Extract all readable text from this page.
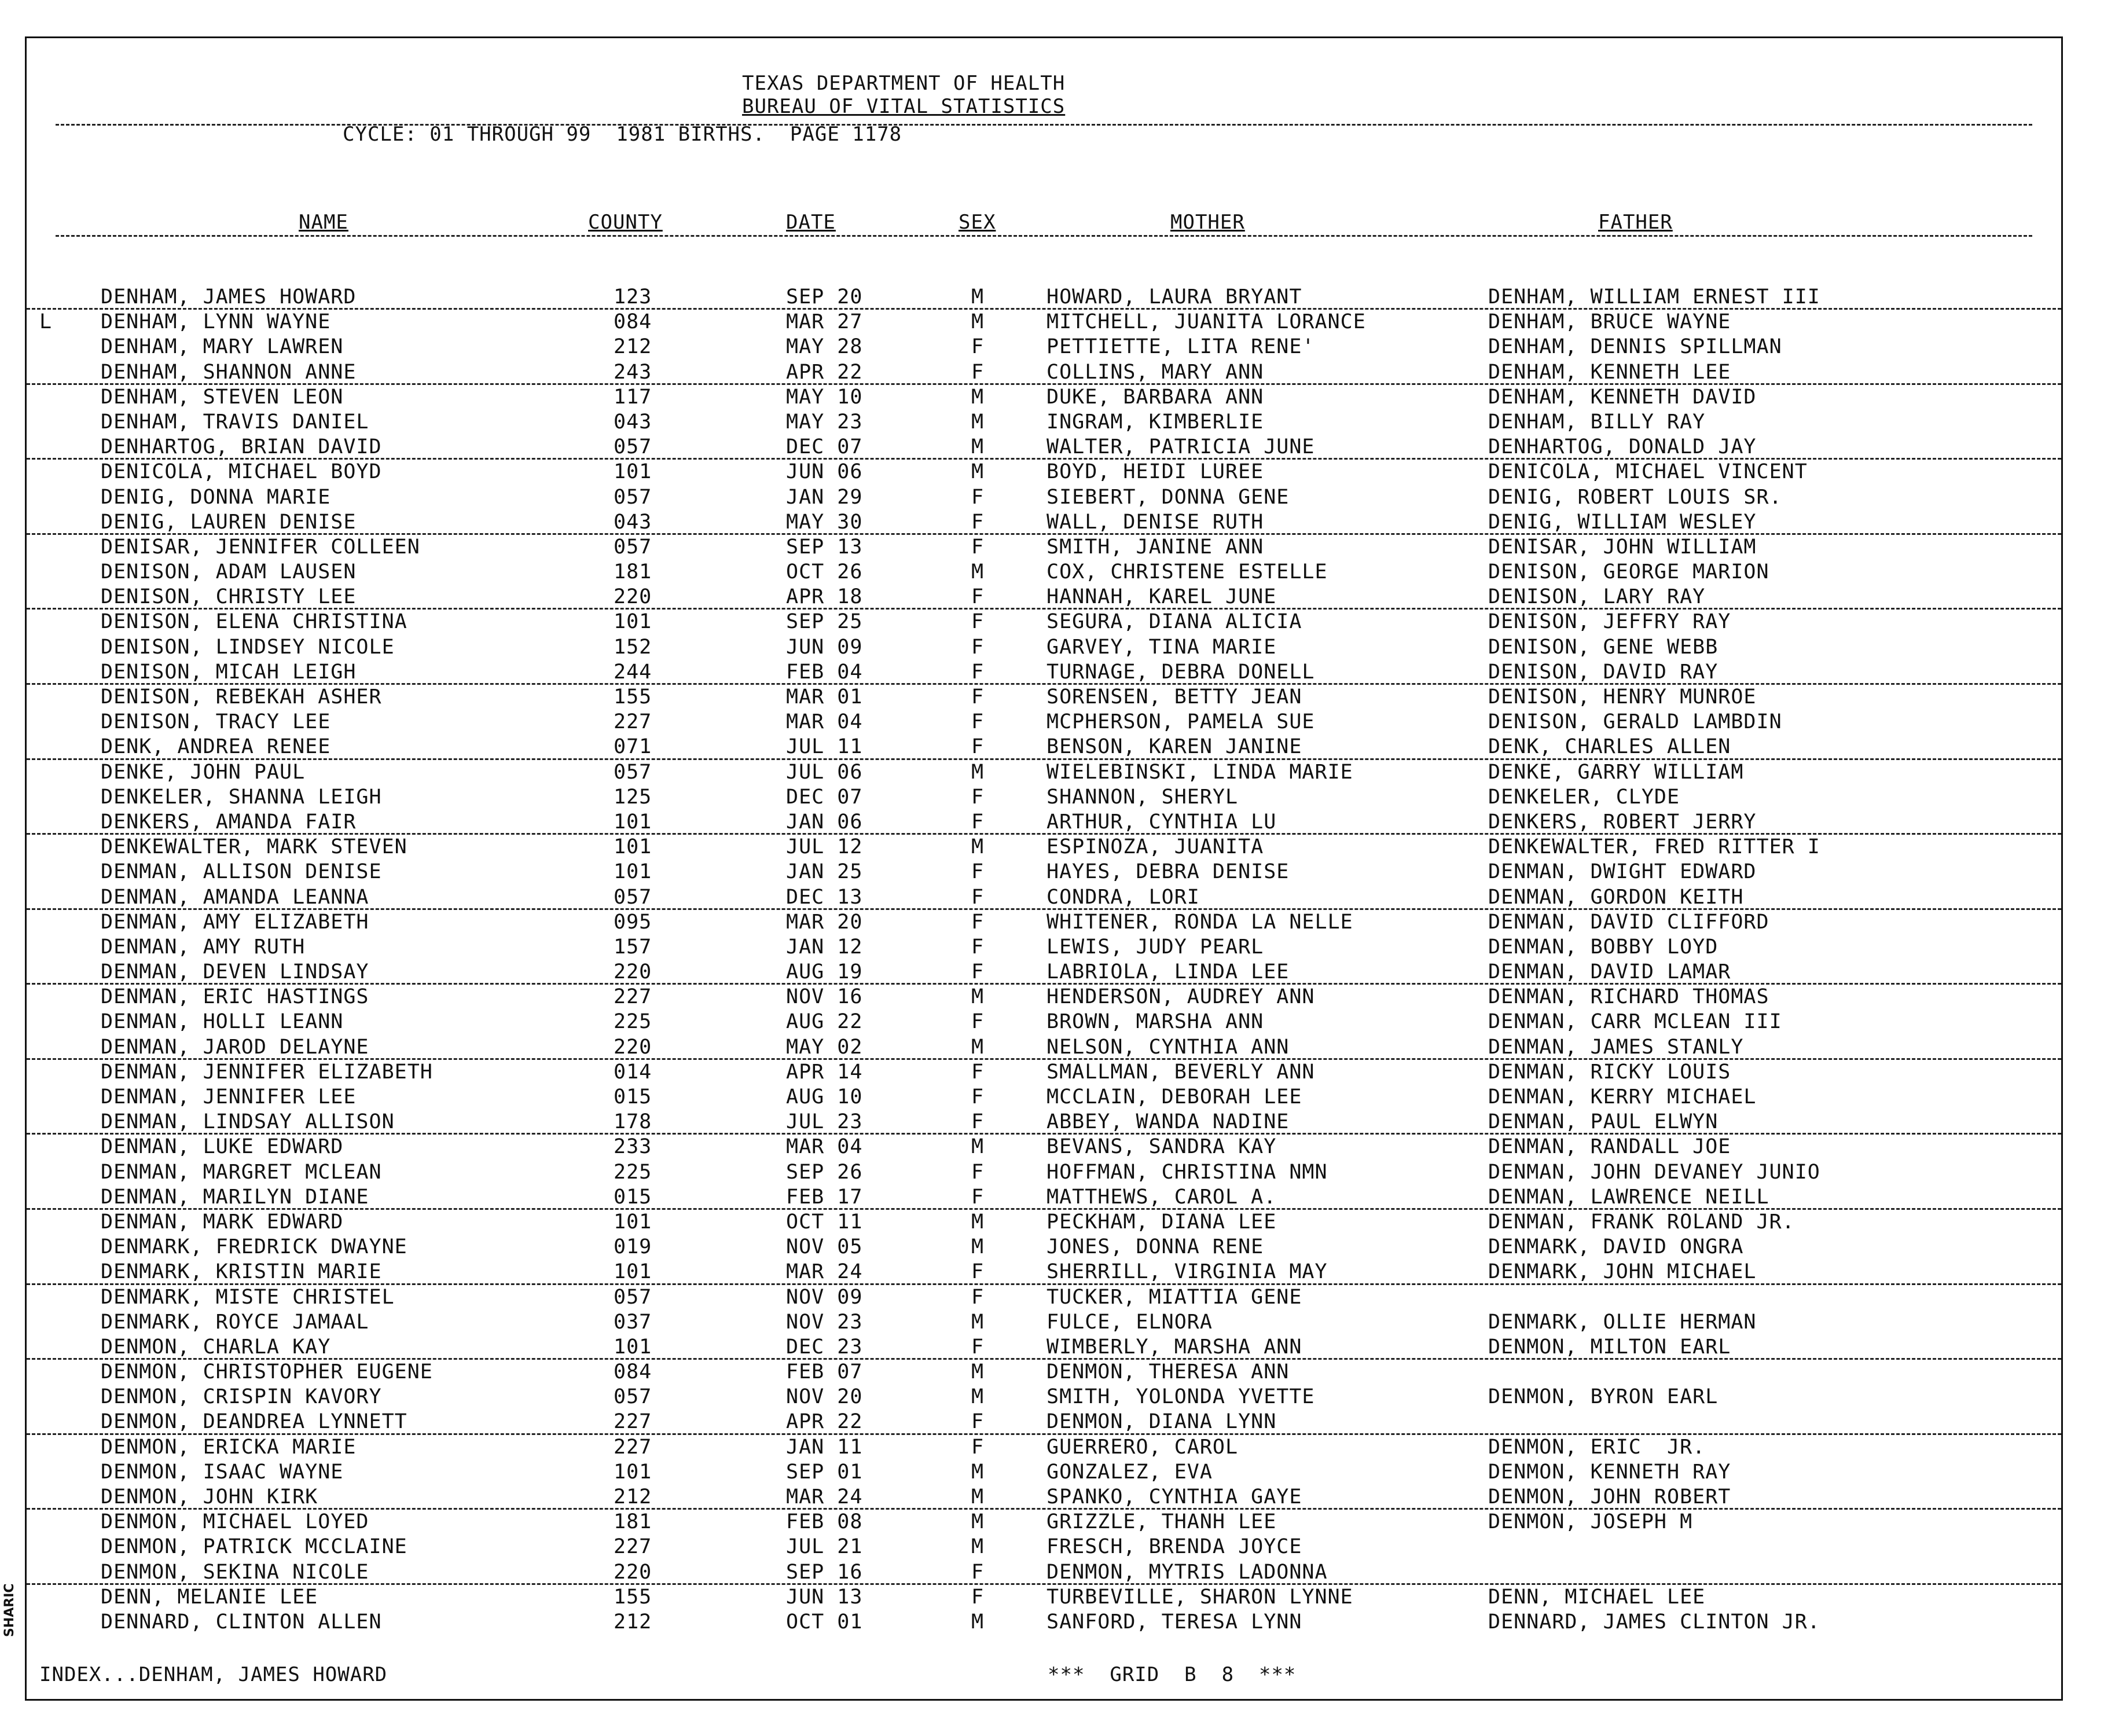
TEXAS DEPARTMENT OF HEALTH
BUREAU OF VITAL STATISTICS
CYCLE: 01 THROUGH 99  1981 BIRTHS.  PAGE 1178
NAME	COUNTY	DATE	SEX	MOTHER	FATHER
DENHAM, JAMES HOWARD	123	SEP 20	M	HOWARD, LAURA BRYANT	DENHAM, WILLIAM ERNEST III
L DENHAM, LYNN WAYNE	084	MAR 27	M	MITCHELL, JUANITA LORANCE	DENHAM, BRUCE WAYNE
DENHAM, MARY LAWREN	212	MAY 28	F	PETTIETTE, LITA RENE'	DENHAM, DENNIS SPILLMAN
DENHAM, SHANNON ANNE	243	APR 22	F	COLLINS, MARY ANN	DENHAM, KENNETH LEE
DENHAM, STEVEN LEON	117	MAY 10	M	DUKE, BARBARA ANN	DENHAM, KENNETH DAVID
DENHAM, TRAVIS DANIEL	043	MAY 23	M	INGRAM, KIMBERLIE	DENHAM, BILLY RAY
DENHARTOG, BRIAN DAVID	057	DEC 07	M	WALTER, PATRICIA JUNE	DENHARTOG, DONALD JAY
DENICOLA, MICHAEL BOYD	101	JUN 06	M	BOYD, HEIDI LUREE	DENICOLA, MICHAEL VINCENT
DENIG, DONNA MARIE	057	JAN 29	F	SIEBERT, DONNA GENE	DENIG, ROBERT LOUIS SR.
DENIG, LAUREN DENISE	043	MAY 30	F	WALL, DENISE RUTH	DENIG, WILLIAM WESLEY
DENISAR, JENNIFER COLLEEN	057	SEP 13	F	SMITH, JANINE ANN	DENISAR, JOHN WILLIAM
DENISON, ADAM LAUSEN	181	OCT 26	M	COX, CHRISTENE ESTELLE	DENISON, GEORGE MARION
DENISON, CHRISTY LEE	220	APR 18	F	HANNAH, KAREL JUNE	DENISON, LARY RAY
DENISON, ELENA CHRISTINA	101	SEP 25	F	SEGURA, DIANA ALICIA	DENISON, JEFFRY RAY
DENISON, LINDSEY NICOLE	152	JUN 09	F	GARVEY, TINA MARIE	DENISON, GENE WEBB
DENISON, MICAH LEIGH	244	FEB 04	F	TURNAGE, DEBRA DONELL	DENISON, DAVID RAY
DENISON, REBEKAH ASHER	155	MAR 01	F	SORENSEN, BETTY JEAN	DENISON, HENRY MUNROE
DENISON, TRACY LEE	227	MAR 04	F	MCPHERSON, PAMELA SUE	DENISON, GERALD LAMBDIN
DENK, ANDREA RENEE	071	JUL 11	F	BENSON, KAREN JANINE	DENK, CHARLES ALLEN
DENKE, JOHN PAUL	057	JUL 06	M	WIELEBINSKI, LINDA MARIE	DENKE, GARRY WILLIAM
DENKELER, SHANNA LEIGH	125	DEC 07	F	SHANNON, SHERYL	DENKELER, CLYDE
DENKERS, AMANDA FAIR	101	JAN 06	F	ARTHUR, CYNTHIA LU	DENKERS, ROBERT JERRY
DENKEWALTER, MARK STEVEN	101	JUL 12	M	ESPINOZA, JUANITA	DENKEWALTER, FRED RITTER I
DENMAN, ALLISON DENISE	101	JAN 25	F	HAYES, DEBRA DENISE	DENMAN, DWIGHT EDWARD
DENMAN, AMANDA LEANNA	057	DEC 13	F	CONDRA, LORI	DENMAN, GORDON KEITH
DENMAN, AMY ELIZABETH	095	MAR 20	F	WHITENER, RONDA LA NELLE	DENMAN, DAVID CLIFFORD
DENMAN, AMY RUTH	157	JAN 12	F	LEWIS, JUDY PEARL	DENMAN, BOBBY LOYD
DENMAN, DEVEN LINDSAY	220	AUG 19	F	LABRIOLA, LINDA LEE	DENMAN, DAVID LAMAR
DENMAN, ERIC HASTINGS	227	NOV 16	M	HENDERSON, AUDREY ANN	DENMAN, RICHARD THOMAS
DENMAN, HOLLI LEANN	225	AUG 22	F	BROWN, MARSHA ANN	DENMAN, CARR MCLEAN III
DENMAN, JAROD DELAYNE	220	MAY 02	M	NELSON, CYNTHIA ANN	DENMAN, JAMES STANLY
DENMAN, JENNIFER ELIZABETH	014	APR 14	F	SMALLMAN, BEVERLY ANN	DENMAN, RICKY LOUIS
DENMAN, JENNIFER LEE	015	AUG 10	F	MCCLAIN, DEBORAH LEE	DENMAN, KERRY MICHAEL
DENMAN, LINDSAY ALLISON	178	JUL 23	F	ABBEY, WANDA NADINE	DENMAN, PAUL ELWYN
DENMAN, LUKE EDWARD	233	MAR 04	M	BEVANS, SANDRA KAY	DENMAN, RANDALL JOE
DENMAN, MARGRET MCLEAN	225	SEP 26	F	HOFFMAN, CHRISTINA NMN	DENMAN, JOHN DEVANEY JUNIO
DENMAN, MARILYN DIANE	015	FEB 17	F	MATTHEWS, CAROL A.	DENMAN, LAWRENCE NEILL
DENMAN, MARK EDWARD	101	OCT 11	M	PECKHAM, DIANA LEE	DENMAN, FRANK ROLAND JR.
DENMARK, FREDRICK DWAYNE	019	NOV 05	M	JONES, DONNA RENE	DENMARK, DAVID ONGRA
DENMARK, KRISTIN MARIE	101	MAR 24	F	SHERRILL, VIRGINIA MAY	DENMARK, JOHN MICHAEL
DENMARK, MISTE CHRISTEL	057	NOV 09	F	TUCKER, MIATTIA GENE
DENMARK, ROYCE JAMAAL	037	NOV 23	M	FULCE, ELNORA	DENMARK, OLLIE HERMAN
DENMON, CHARLA KAY	101	DEC 23	F	WIMBERLY, MARSHA ANN	DENMON, MILTON EARL
DENMON, CHRISTOPHER EUGENE	084	FEB 07	M	DENMON, THERESA ANN
DENMON, CRISPIN KAVORY	057	NOV 20	M	SMITH, YOLONDA YVETTE	DENMON, BYRON EARL
DENMON, DEANDREA LYNNETT	227	APR 22	F	DENMON, DIANA LYNN
DENMON, ERICKA MARIE	227	JAN 11	F	GUERRERO, CAROL	DENMON, ERIC  JR.
DENMON, ISAAC WAYNE	101	SEP 01	M	GONZALEZ, EVA	DENMON, KENNETH RAY
DENMON, JOHN KIRK	212	MAR 24	M	SPANKO, CYNTHIA GAYE	DENMON, JOHN ROBERT
DENMON, MICHAEL LOYED	181	FEB 08	M	GRIZZLE, THANH LEE	DENMON, JOSEPH M
DENMON, PATRICK MCCLAINE	227	JUL 21	M	FRESCH, BRENDA JOYCE
DENMON, SEKINA NICOLE	220	SEP 16	F	DENMON, MYTRIS LADONNA
DENN, MELANIE LEE	155	JUN 13	F	TURBEVILLE, SHARON LYNNE	DENN, MICHAEL LEE
DENNARD, CLINTON ALLEN	212	OCT 01	M	SANFORD, TERESA LYNN	DENNARD, JAMES CLINTON JR.
INDEX...DENHAM, JAMES HOWARD	***  GRID  B  8  ***
SHARIC
